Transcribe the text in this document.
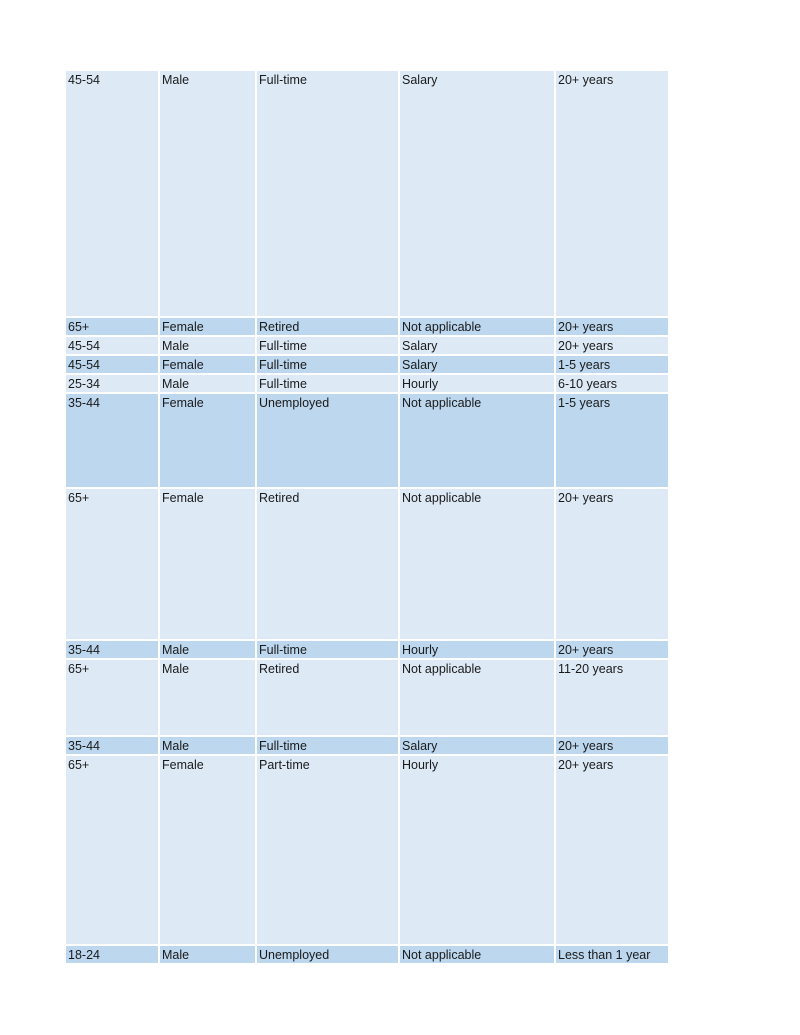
45-54	Male	Full-time	Salary	20+ years
65+	Female	Retired	Not applicable	20+ years
45-54	Male	Full-time	Salary	20+ years
45-54	Female	Full-time	Salary	1-5 years
25-34	Male	Full-time	Hourly	6-10 years
35-44	Female	Unemployed	Not applicable	1-5 years
65+	Female	Retired	Not applicable	20+ years
35-44	Male	Full-time	Hourly	20+ years
65+	Male	Retired	Not applicable	11-20 years
35-44	Male	Full-time	Salary	20+ years
65+	Female	Part-time	Hourly	20+ years
18-24	Male	Unemployed	Not applicable	Less than 1 year
